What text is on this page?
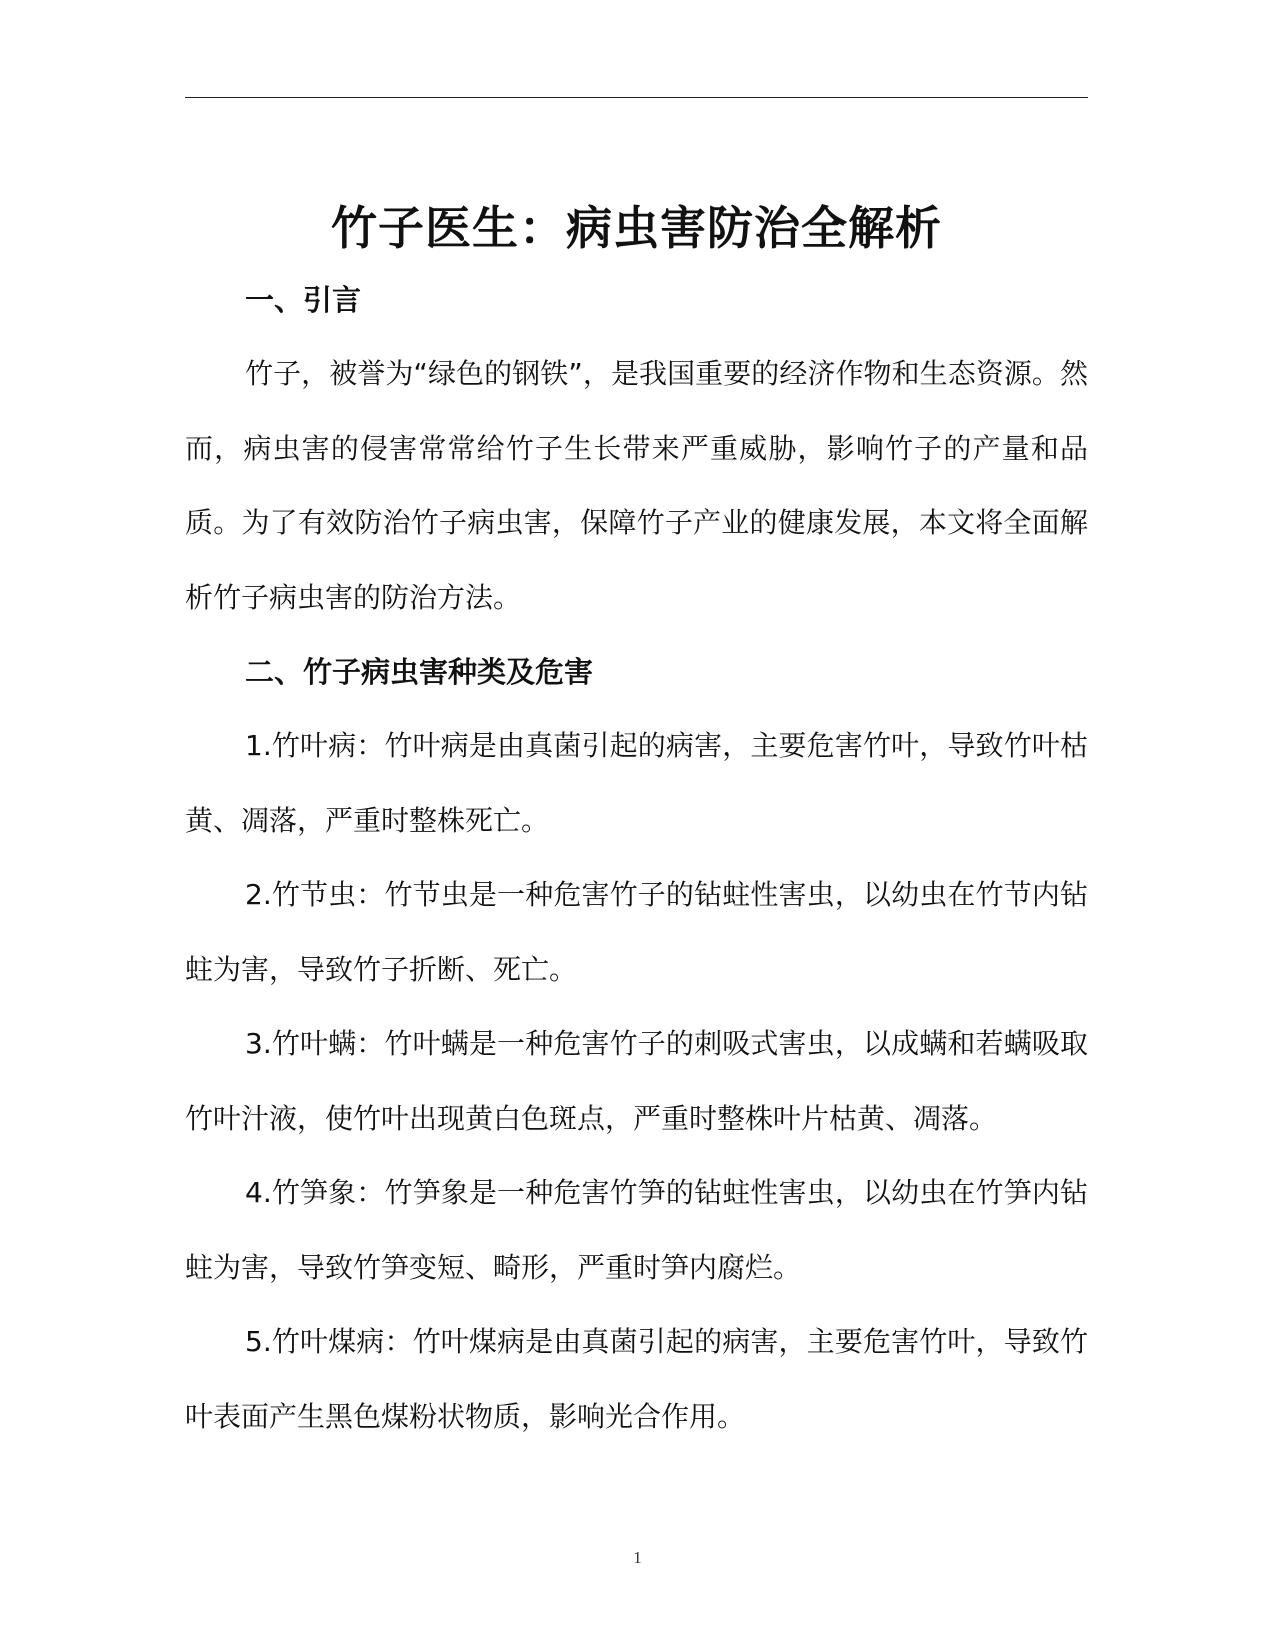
竹子医生：病虫害防治全解析
一、引言

竹子，被誉为“绿色的钢铁”，是我国重要的经济作物和生态资源。然而，病虫害的侵害常常给竹子生长带来严重威胁，影响竹子的产量和品质。为了有效防治竹子病虫害，保障竹子产业的健康发展，本文将全面解析竹子病虫害的防治方法。

二、竹子病虫害种类及危害

1.竹叶病：竹叶病是由真菌引起的病害，主要危害竹叶，导致竹叶枯黄、凋落，严重时整株死亡。

2.竹节虫：竹节虫是一种危害竹子的钻蛀性害虫，以幼虫在竹节内钻蛀为害，导致竹子折断、死亡。

3.竹叶螨：竹叶螨是一种危害竹子的刺吸式害虫，以成螨和若螨吸取竹叶汁液，使竹叶出现黄白色斑点，严重时整株叶片枯黄、凋落。

4.竹笋象：竹笋象是一种危害竹笋的钻蛀性害虫，以幼虫在竹笋内钻蛀为害，导致竹笋变短、畸形，严重时笋内腐烂。

5.竹叶煤病：竹叶煤病是由真菌引起的病害，主要危害竹叶，导致竹叶表面产生黑色煤粉状物质，影响光合作用。

1
